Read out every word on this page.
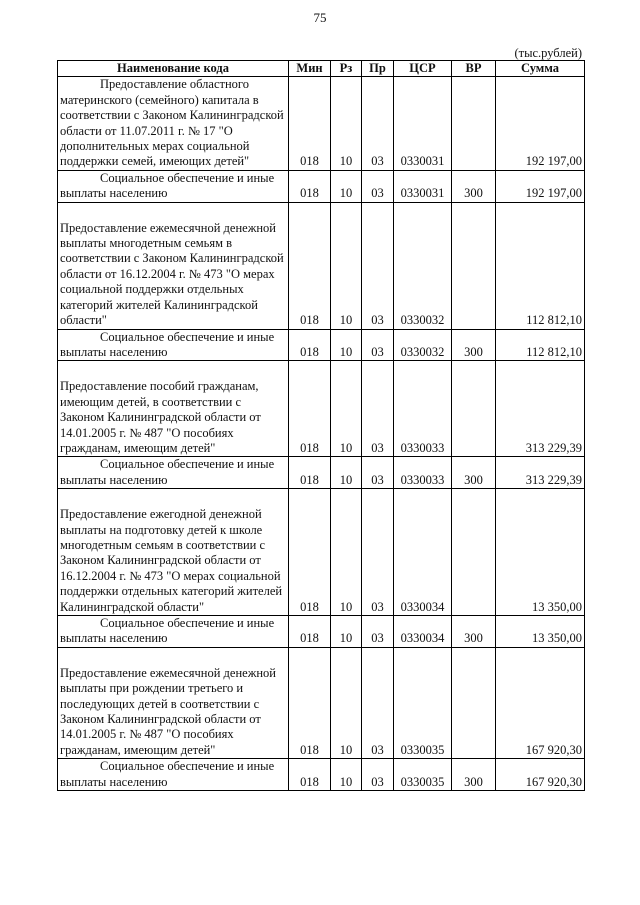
75
(тыс.рублей)
Наименование кода	Мин	Рз	Пр	ЦСР	ВР	Сумма
Предоставление областного материнского (семейного) капитала в соответствии с Законом Калининградской области от 11.07.2011 г. № 17 "О дополнительных мерах социальной поддержки семей, имеющих детей"	018	10	03	0330031		192 197,00
Социальное обеспечение и иные выплаты населению	018	10	03	0330031	300	192 197,00

Предоставление ежемесячной денежной выплаты многодетным семьям в соответствии с Законом Калининградской области от 16.12.2004 г. № 473 "О мерах социальной поддержки отдельных категорий жителей Калининградской области"	018	10	03	0330032		112 812,10
Социальное обеспечение и иные выплаты населению	018	10	03	0330032	300	112 812,10

Предоставление пособий гражданам, имеющим детей, в соответствии с Законом Калининградской области от 14.01.2005 г. № 487 "О пособиях гражданам, имеющим детей"	018	10	03	0330033		313 229,39
Социальное обеспечение и иные выплаты населению	018	10	03	0330033	300	313 229,39

Предоставление ежегодной денежной выплаты на подготовку детей к школе многодетным семьям в соответствии с Законом Калининградской области от 16.12.2004 г. № 473 "О мерах социальной поддержки отдельных категорий жителей Калининградской области"	018	10	03	0330034		13 350,00
Социальное обеспечение и иные выплаты населению	018	10	03	0330034	300	13 350,00

Предоставление ежемесячной денежной выплаты при рождении третьего и последующих детей в соответствии с Законом Калининградской области от 14.01.2005 г. № 487 "О пособиях гражданам, имеющим детей"	018	10	03	0330035		167 920,30
Социальное обеспечение и иные выплаты населению	018	10	03	0330035	300	167 920,30
